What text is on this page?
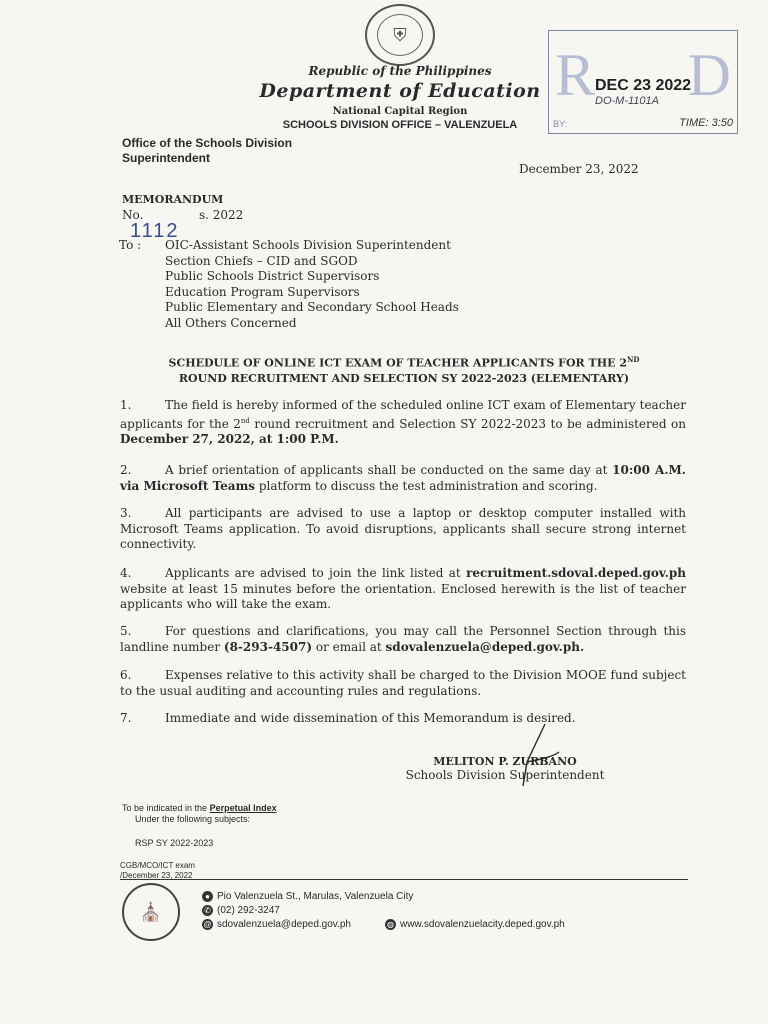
⛨
Republic of the Philippines
Department of Education
National Capital Region
SCHOOLS DIVISION OFFICE – VALENZUELA
R D
DEC 23 2022
DO-M-1101A
BY:	TIME: 3:50
Office of the Schools Division
Superintendent
December 23, 2022
MEMORANDUM
No.	s. 2022
1112
To : OIC-Assistant Schools Division Superintendent
Section Chiefs – CID and SGOD
Public Schools District Supervisors
Education Program Supervisors
Public Elementary and Secondary School Heads
All Others Concerned
SCHEDULE OF ONLINE ICT EXAM OF TEACHER APPLICANTS FOR THE 2ND
ROUND RECRUITMENT AND SELECTION SY 2022-2023 (ELEMENTARY)
1.	The field is hereby informed of the scheduled online ICT exam of Elementary teacher applicants for the 2nd round recruitment and Selection SY 2022-2023 to be administered on December 27, 2022, at 1:00 P.M.
2.	A brief orientation of applicants shall be conducted on the same day at 10:00 A.M. via Microsoft Teams platform to discuss the test administration and scoring.
3.	All participants are advised to use a laptop or desktop computer installed with Microsoft Teams application. To avoid disruptions, applicants shall secure strong internet connectivity.
4.	Applicants are advised to join the link listed at recruitment.sdoval.deped.gov.ph website at least 15 minutes before the orientation. Enclosed herewith is the list of teacher applicants who will take the exam.
5.	For questions and clarifications, you may call the Personnel Section through this landline number (8-293-4507) or email at sdovalenzuela@deped.gov.ph.
6.	Expenses relative to this activity shall be charged to the Division MOOE fund subject to the usual auditing and accounting rules and regulations.
7.	Immediate and wide dissemination of this Memorandum is desired.
MELITON P. ZURBANO
Schools Division Superintendent
To be indicated in the Perpetual Index
Under the following subjects:
RSP SY 2022-2023
CGB/MCO/ICT exam
/December 23, 2022
⛪
● Pio Valenzuela St., Marulas, Valenzuela City
✆ (02) 292-3247
@ sdovalenzuela@deped.gov.ph	◍ www.sdovalenzuelacity.deped.gov.ph
